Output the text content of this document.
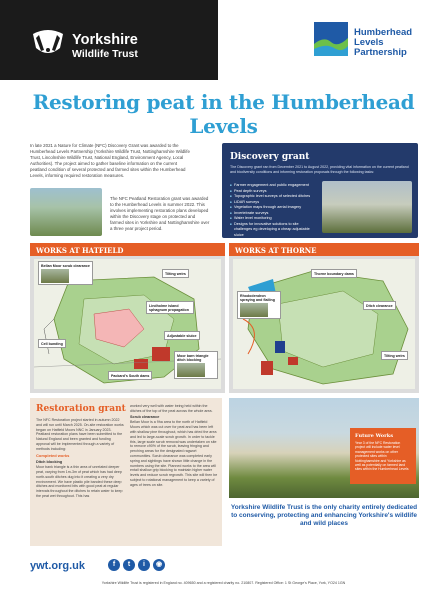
Yorkshire
Wildlife Trust
Humberhead
Levels
Partnership
Restoring peat in the Humberhead Levels

In late 2021 a Nature for Climate (NFC) Discovery Grant was awarded to the Humberhead Levels Partnership (Yorkshire Wildlife Trust, Nottinghamshire Wildlife Trust, Lincolnshire Wildlife Trust, National England, Environment Agency, Local Authorities). The project aimed to gather baseline information on the current peatland condition of several protected and farmed sites within the Humberhead Levels, informing required restoration measures.

The NFC Peatland Restoration grant was awarded to the Humberhead Levels in summer 2022. This involves implementing restoration plans developed within the Discovery stage on protected and farmed sites in Yorkshire and Nottinghamshire over a three year project period.

Discovery grant

The Discovery grant ran from December 2021 to August 2022, providing vital information on the current peatland and biodiversity conditions and informing restoration proposals through the following tasks:

■ Farmer engagement and public engagement
■ Peat depth surveys
■ Topographic level surveys of selected ditches
■ LiDAR surveys
■ Vegetation maps through aerial imagery
■ Invertebrate surveys
■ Water level monitoring
■ Designs for innovative solutions to site challenges eg developing a cheap adjustable sluice
WORKS AT HATFIELD
Bellan Moor scrub clearance
Tilting weirs
Lindholme island sphagnum propagation
Adjustable sluice
Cell bunding
Moor barn triangle ditch blocking
Packard's South dams
WORKS AT THORNE
Thorne boundary dams
Rhododendron spraying and flailing
Ditch clearance
Tilting weirs
Restoration grant

The NFC Restoration project started in autumn 2022 and will run until March 2025. On-site restoration works began on Hatfield Moors NNC in January 2023. Peatland restoration plans have been submitted to the Natural England and been granted and funding approval will be implemented through a variety of methods including:

Completed works
Ditch blocking

Moor bank triangle is a thin area of unrelated deeper peat, varying from 1m-3m of peat which has had deep north-south ditches dug into it creating a very dry environment. We have plastic pile banded these deep ditches and monitored bits with good peat at regular intervals throughout the ditches to retain water to keep the peat wet throughout. This has

worked very well with water being held within the ditches of the top of the peat across the whole area.

Scrub clearance

Bellan Moor is a 9ha area to the north of Hatfield Moors which was cut over for peat and has been left with shallow pine throughout, which has dried the area and led to large-scale scrub growth. In order to tackle this, large scale scrub removal was undertaken on site to remove c90% of the scrub, leaving fringing and perching areas for the designated ragwort communities. Scrub clearance was completed early spring and sightings have shown little change in the numbers using the site. Planned works to the area will entail shallow grip blocking to maintain higher water levels and reduce scrub regrowth. This site will then be subject to rotational management to keep a variety of ages of trees on site.

Future Works

Year 3 of the NFC Restoration project will include water level management works on other protected sites within Nottinghamshire and Yorkshire as well as potentially on farmed land sites within the Humberhead Levels

Yorkshire Wildlife Trust is the only charity entirely dedicated to conserving, protecting and enhancing Yorkshire's wildlife and wild places

ywt.org.uk	f	t	i	◉

Yorkshire Wildlife Trust is registered in England no. 409650 and a registered charity no. 210807. Registered Office: 1 St George's Place, York, YO24 1GN
